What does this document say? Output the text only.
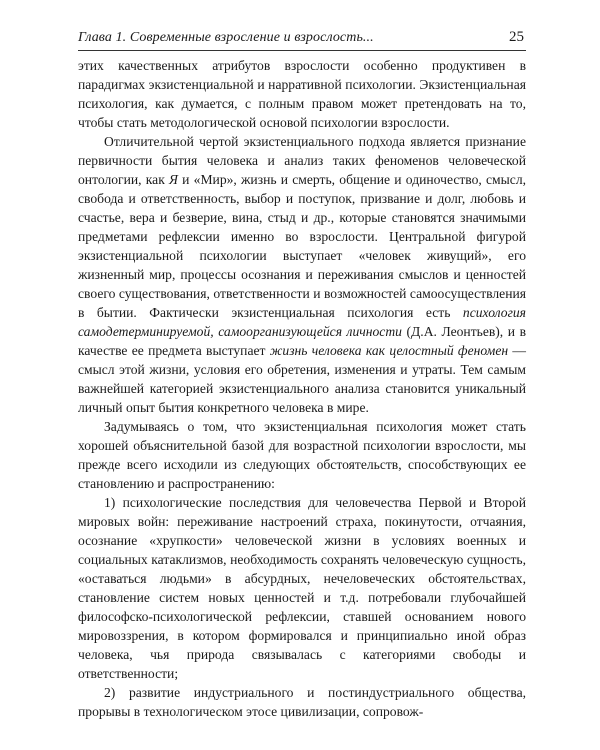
Глава 1. Современные взросление и взрослость...	25

этих качественных атрибутов взрослости особенно продуктивен в парадигмах экзистенциальной и нарративной психологии. Экзистенциальная психология, как думается, с полным правом может претендовать на то, чтобы стать методологической основой психологии взрослости.

Отличительной чертой экзистенциального подхода является признание первичности бытия человека и анализ таких феноменов человеческой онтологии, как Я и «Мир», жизнь и смерть, общение и одиночество, смысл, свобода и ответственность, выбор и поступок, призвание и долг, любовь и счастье, вера и безверие, вина, стыд и др., которые становятся значимыми предметами рефлексии именно во взрослости. Центральной фигурой экзистенциальной психологии выступает «человек живущий», его жизненный мир, процессы осознания и переживания смыслов и ценностей своего существования, ответственности и возможностей самоосуществления в бытии. Фактически экзистенциальная психология есть психология самодетерминируемой, самоорганизующейся личности (Д.А. Леонтьев), и в качестве ее предмета выступает жизнь человека как целостный феномен — смысл этой жизни, условия его обретения, изменения и утраты. Тем самым важнейшей категорией экзистенциального анализа становится уникальный личный опыт бытия конкретного человека в мире.

Задумываясь о том, что экзистенциальная психология может стать хорошей объяснительной базой для возрастной психологии взрослости, мы прежде всего исходили из следующих обстоятельств, способствующих ее становлению и распространению:

1) психологические последствия для человечества Первой и Второй мировых войн: переживание настроений страха, покинутости, отчаяния, осознание «хрупкости» человеческой жизни в условиях военных и социальных катаклизмов, необходимость сохранять человеческую сущность, «оставаться людьми» в абсурдных, нечеловеческих обстоятельствах, становление систем новых ценностей и т.д. потребовали глубочайшей философско-психологической рефлексии, ставшей основанием нового мировоззрения, в котором формировался и принципиально иной образ человека, чья природа связывалась с категориями свободы и ответственности;

2) развитие индустриального и постиндустриального общества, прорывы в технологическом этосе цивилизации, сопровож-
